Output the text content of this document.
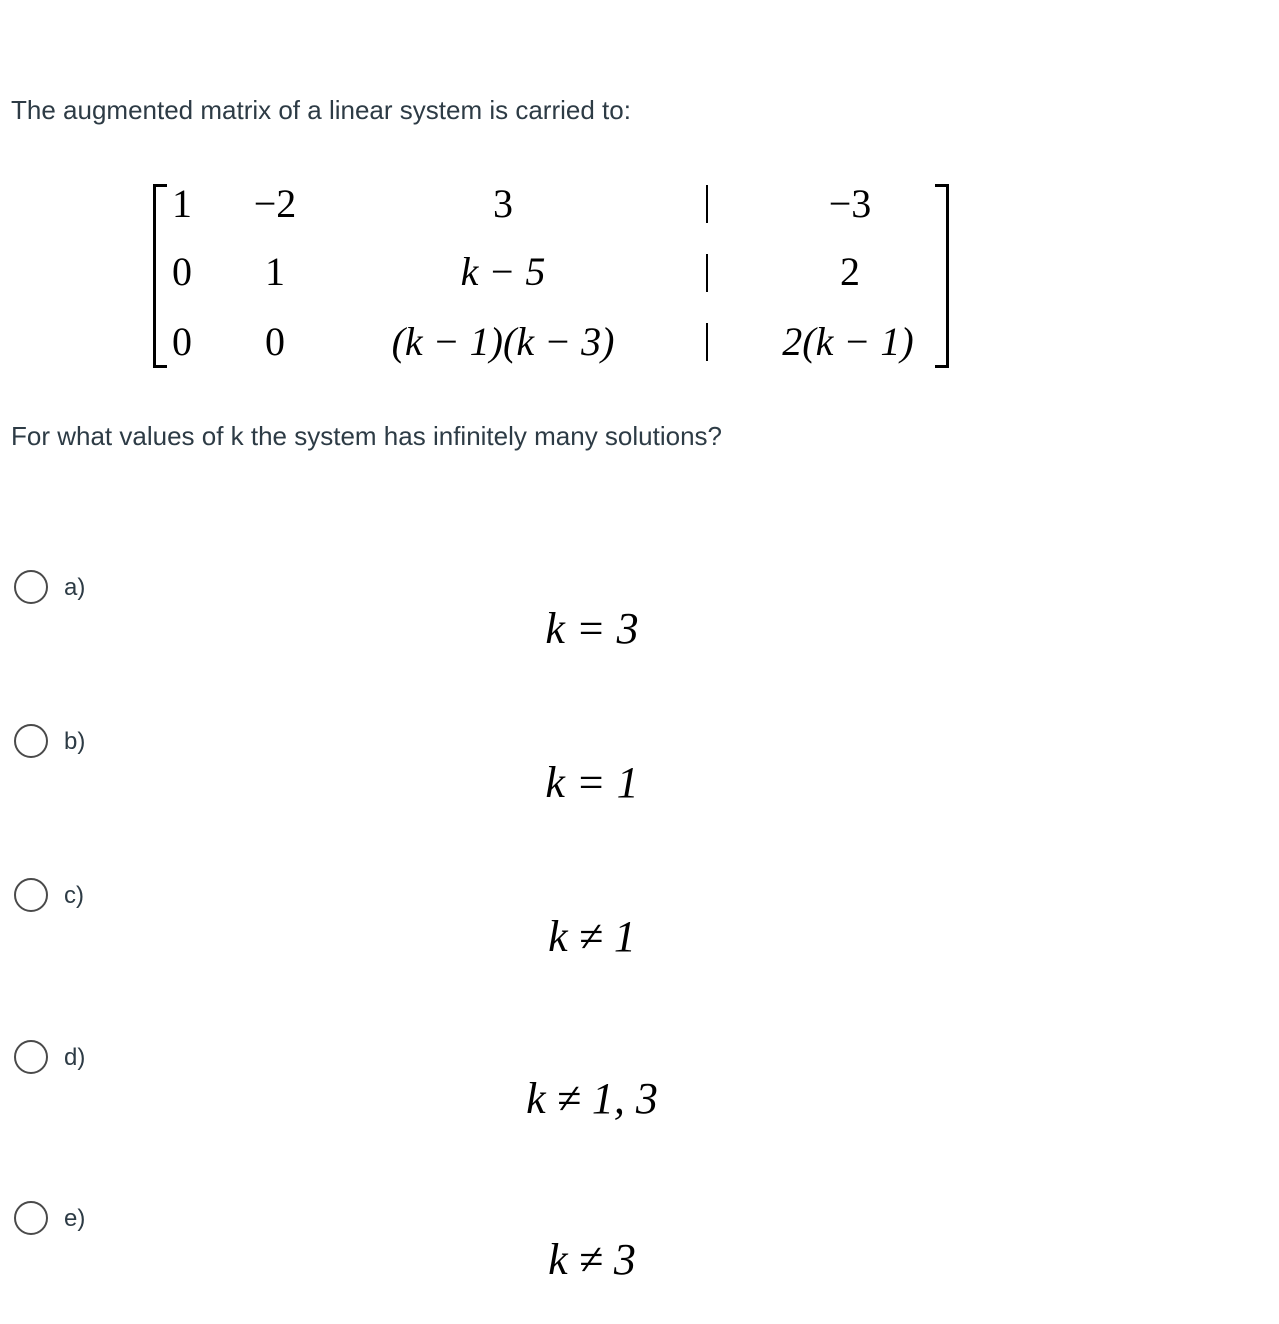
The augmented matrix of a linear system is carried to:
1 −2	3	−3
0 1	k − 5	2
0 0	(k − 1)(k − 3)	2(k − 1)
For what values of k the system has infinitely many solutions?
a)
k = 3
b)
k = 1
c)
k ≠ 1
d)
k ≠ 1, 3
e)
k ≠ 3
